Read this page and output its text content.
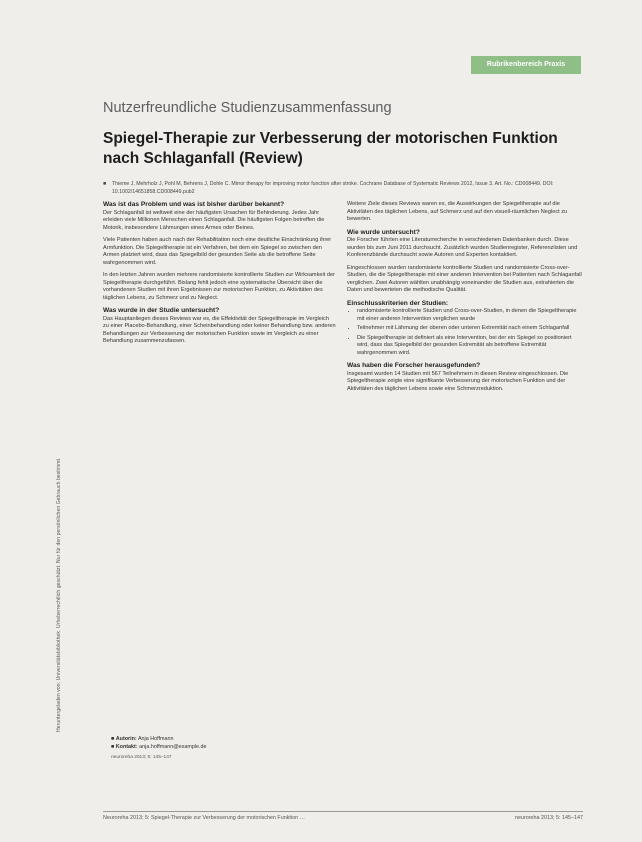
Heruntergeladen von: Universitätsbibliothek. Urheberrechtlich geschützt. Nur für den persönlichen Gebrauch bestimmt.
Rubrikenbereich Praxis
Nutzerfreundliche Studienzusammenfassung
Spiegel-Therapie zur Verbesserung der motorischen Funktion nach Schlaganfall (Review)
■ Thieme J, Mehrholz J, Pohl M, Behrens J, Dohle C. Mirror therapy for improving motor function after stroke. Cochrane Database of Systematic Reviews 2012, Issue 3. Art. No.: CD008449. DOI: 10.1002/14651858.CD008449.pub2
Was ist das Problem und was ist bisher darüber bekannt?

Der Schlaganfall ist weltweit eine der häufigsten Ursachen für Behinderung. Jedes Jahr erleiden viele Millionen Menschen einen Schlaganfall. Die häufigsten Folgen betreffen die Motorik, insbesondere Lähmungen eines Armes oder Beines.

Viele Patienten haben auch nach der Rehabilitation noch eine deutliche Einschränkung ihrer Armfunktion. Die Spiegeltherapie ist ein Verfahren, bei dem ein Spiegel so zwischen den Armen platziert wird, dass das Spiegelbild der gesunden Seite als die betroffene Seite wahrgenommen wird.

In den letzten Jahren wurden mehrere randomisierte kontrollierte Studien zur Wirksamkeit der Spiegeltherapie durchgeführt. Bislang fehlt jedoch eine systematische Übersicht über die vorhandenen Studien mit ihren Ergebnissen zur motorischen Funktion, zu Aktivitäten des täglichen Lebens, zu Schmerz und zu Neglect.

Was wurde in der Studie untersucht?

Das Hauptanliegen dieses Reviews war es, die Effektivität der Spiegeltherapie im Vergleich zu einer Placebo-Behandlung, einer Scheinbehandlung oder keiner Behandlung bzw. anderen Behandlungen zur Verbesserung der motorischen Funktion sowie im Vergleich zu einer Behandlung zusammenzufassen.

■ Autorin: Anja Hoffmann
■ Kontakt: anja.hoffmann@example.de
neuroreha 2013; 5: 145–147

Weitere Ziele dieses Reviews waren es, die Auswirkungen der Spiegeltherapie auf die Aktivitäten des täglichen Lebens, auf Schmerz und auf den visuell-räumlichen Neglect zu bewerten.

Wie wurde untersucht?

Die Forscher führten eine Literaturrecherche in verschiedenen Datenbanken durch. Diese wurden bis zum Juni 2011 durchsucht. Zusätzlich wurden Studienregister, Referenzlisten und Konferenzbände durchsucht sowie Autoren und Experten kontaktiert.

Eingeschlossen wurden randomisierte kontrollierte Studien und randomisierte Cross-over-Studien, die die Spiegeltherapie mit einer anderen Intervention bei Patienten nach Schlaganfall verglichen. Zwei Autoren wählten unabhängig voneinander die Studien aus, extrahierten die Daten und bewerteten die methodische Qualität.

Einschlusskriterien der Studien:
• randomisierte kontrollierte Studien und Cross-over-Studien, in denen die Spiegeltherapie mit einer anderen Intervention verglichen wurde
• Teilnehmer mit Lähmung der oberen oder unteren Extremität nach einem Schlaganfall
• Die Spiegeltherapie ist definiert als eine Intervention, bei der ein Spiegel so positioniert wird, dass das Spiegelbild der gesunden Extremität als betroffene Extremität wahrgenommen wird.
Was haben die Forscher herausgefunden?

Insgesamt wurden 14 Studien mit 567 Teilnehmern in diesen Review eingeschlossen. Die Spiegeltherapie zeigte eine signifikante Verbesserung der motorischen Funktion und der Aktivitäten des täglichen Lebens sowie eine Schmerzreduktion.

Neuroreha 2013; 5: Spiegel-Therapie zur Verbesserung der motorischen Funktion …	neuroreha 2013; 5: 145–147
